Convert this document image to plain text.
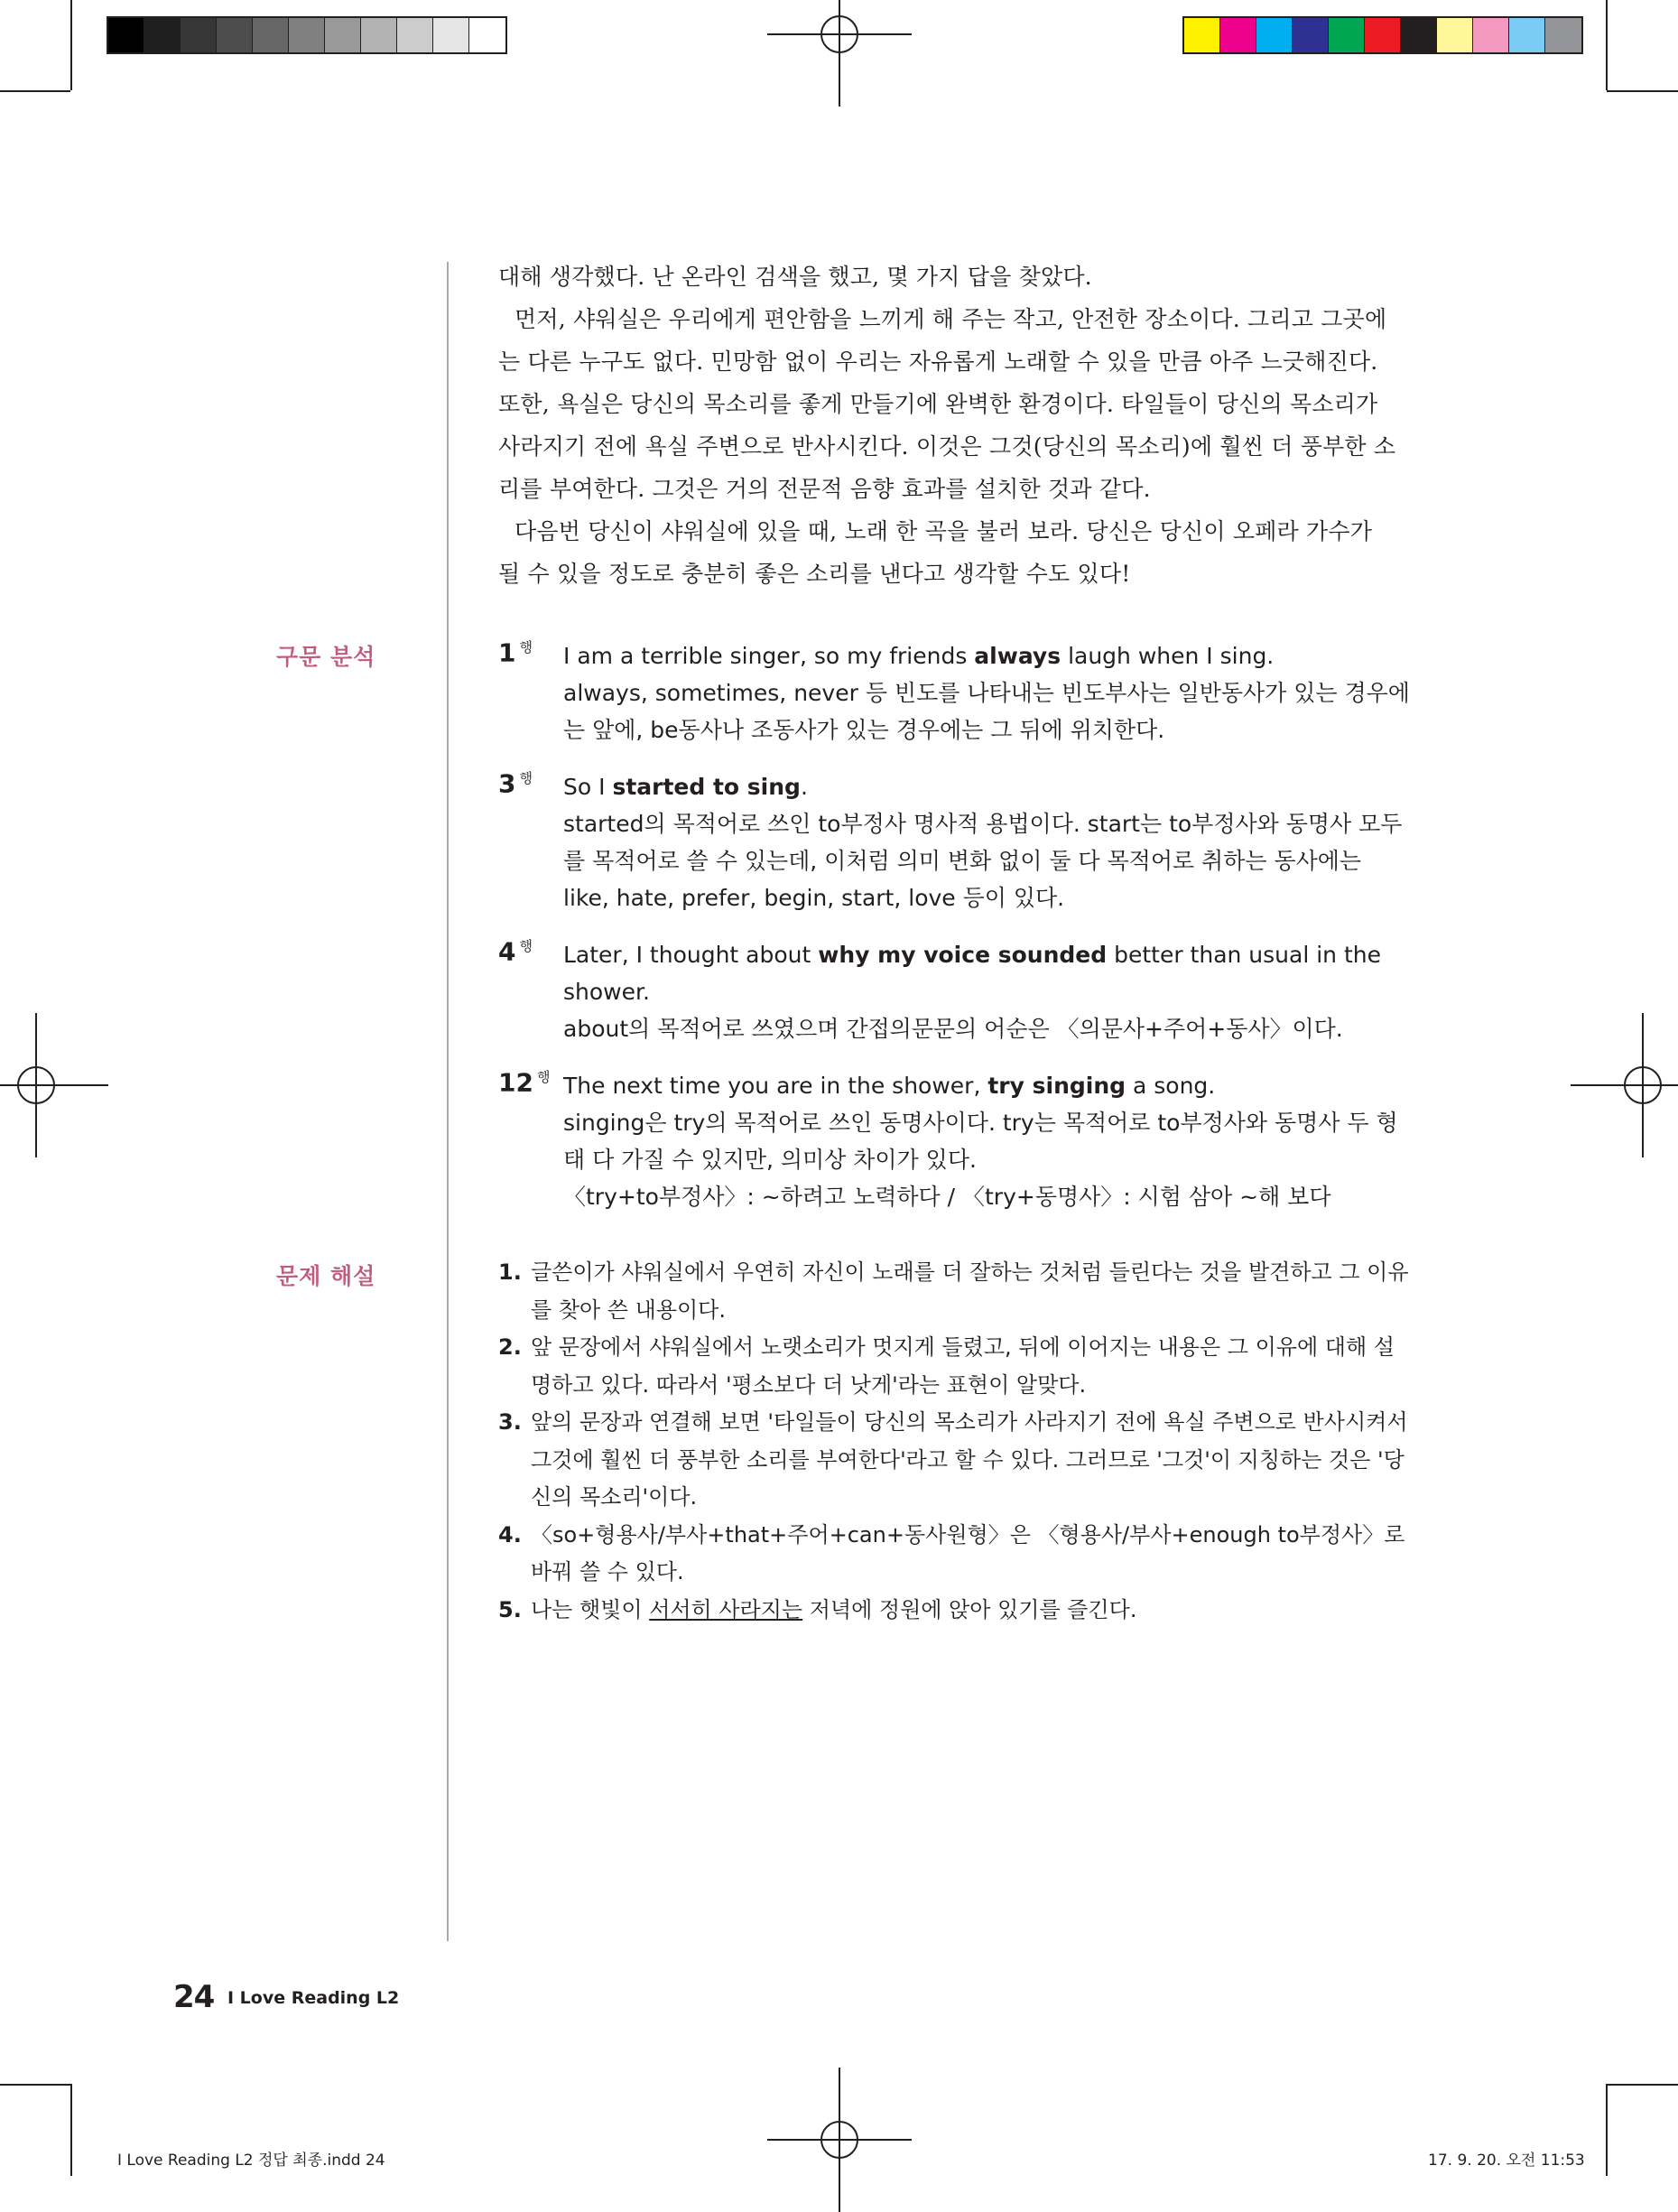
대해 생각했다. 난 온라인 검색을 했고, 몇 가지 답을 찾았다.

먼저, 샤워실은 우리에게 편안함을 느끼게 해 주는 작고, 안전한 장소이다. 그리고 그곳에는 다른 누구도 없다. 민망함 없이 우리는 자유롭게 노래할 수 있을 만큼 아주 느긋해진다. 또한, 욕실은 당신의 목소리를 좋게 만들기에 완벽한 환경이다. 타일들이 당신의 목소리가 사라지기 전에 욕실 주변으로 반사시킨다. 이것은 그것(당신의 목소리)에 훨씬 더 풍부한 소리를 부여한다. 그것은 거의 전문적 음향 효과를 설치한 것과 같다.

다음번 당신이 샤워실에 있을 때, 노래 한 곡을 불러 보라. 당신은 당신이 오페라 가수가 될 수 있을 정도로 충분히 좋은 소리를 낸다고 생각할 수도 있다!

구문 분석	1 $^행$ I am a terrible singer, so my friends always laugh when I sing.
always, sometimes, never 등 빈도를 나타내는 빈도부사는 일반동사가 있는 경우에는 앞에, be동사나 조동사가 있는 경우에는 그 뒤에 위치한다.
3 $^행$ So I started to sing.
started의 목적어로 쓰인 to부정사 명사적 용법이다. start는 to부정사와 동명사 모두를 목적어로 쓸 수 있는데, 이처럼 의미 변화 없이 둘 다 목적어로 취하는 동사에는 like, hate, prefer, begin, start, love 등이 있다.
4 $^행$ Later, I thought about why my voice sounded better than usual in the shower.
about의 목적어로 쓰였으며 간접의문문의 어순은 〈의문사+주어+동사〉이다.
12 $^행$ The next time you are in the shower, try singing a song.
singing은 try의 목적어로 쓰인 동명사이다. try는 목적어로 to부정사와 동명사 두 형태 다 가질 수 있지만, 의미상 차이가 있다.
〈try+to부정사〉: ~하려고 노력하다 / 〈try+동명사〉: 시험 삼아 ~해 보다
문제 해설	1. 글쓴이가 샤워실에서 우연히 자신이 노래를 더 잘하는 것처럼 들린다는 것을 발견하고 그 이유를 찾아 쓴 내용이다.
2. 앞 문장에서 샤워실에서 노랫소리가 멋지게 들렸고, 뒤에 이어지는 내용은 그 이유에 대해 설명하고 있다. 따라서 '평소보다 더 낫게'라는 표현이 알맞다.
3. 앞의 문장과 연결해 보면 '타일들이 당신의 목소리가 사라지기 전에 욕실 주변으로 반사시켜서 그것에 훨씬 더 풍부한 소리를 부여한다'라고 할 수 있다. 그러므로 '그것'이 지칭하는 것은 '당신의 목소리'이다.
4. 〈so+형용사/부사+that+주어+can+동사원형〉은 〈형용사/부사+enough to부정사〉로 바꿔 쓸 수 있다.
5. 나는 햇빛이 서서히 사라지는 저녁에 정원에 앉아 있기를 즐긴다.
24 I Love Reading L2
I Love Reading L2 정답 최종.indd 24	17. 9. 20. 오전 11:53
